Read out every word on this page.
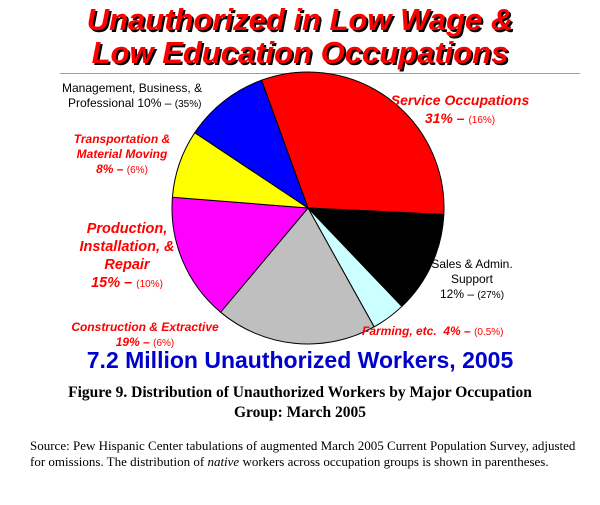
Unauthorized in Low Wage &
Low Education Occupations
Management, Business, &
Professional 10% – (35%)	Service Occupations
31% – (16%)
Transportation &
Material Moving
8% – (6%)
Production,
Installation, &
Repair
15% – (10%)
Sales & Admin.
Support
12% – (27%)
Construction & Extractive
19% – (6%)
Farming, etc. 4% – (0.5%)
7.2 Million Unauthorized Workers, 2005
Figure 9. Distribution of Unauthorized Workers by Major Occupation
Group: March 2005
Source: Pew Hispanic Center tabulations of augmented March 2005 Current Population Survey, adjusted for omissions. The distribution of native workers across occupation groups is shown in parentheses.
